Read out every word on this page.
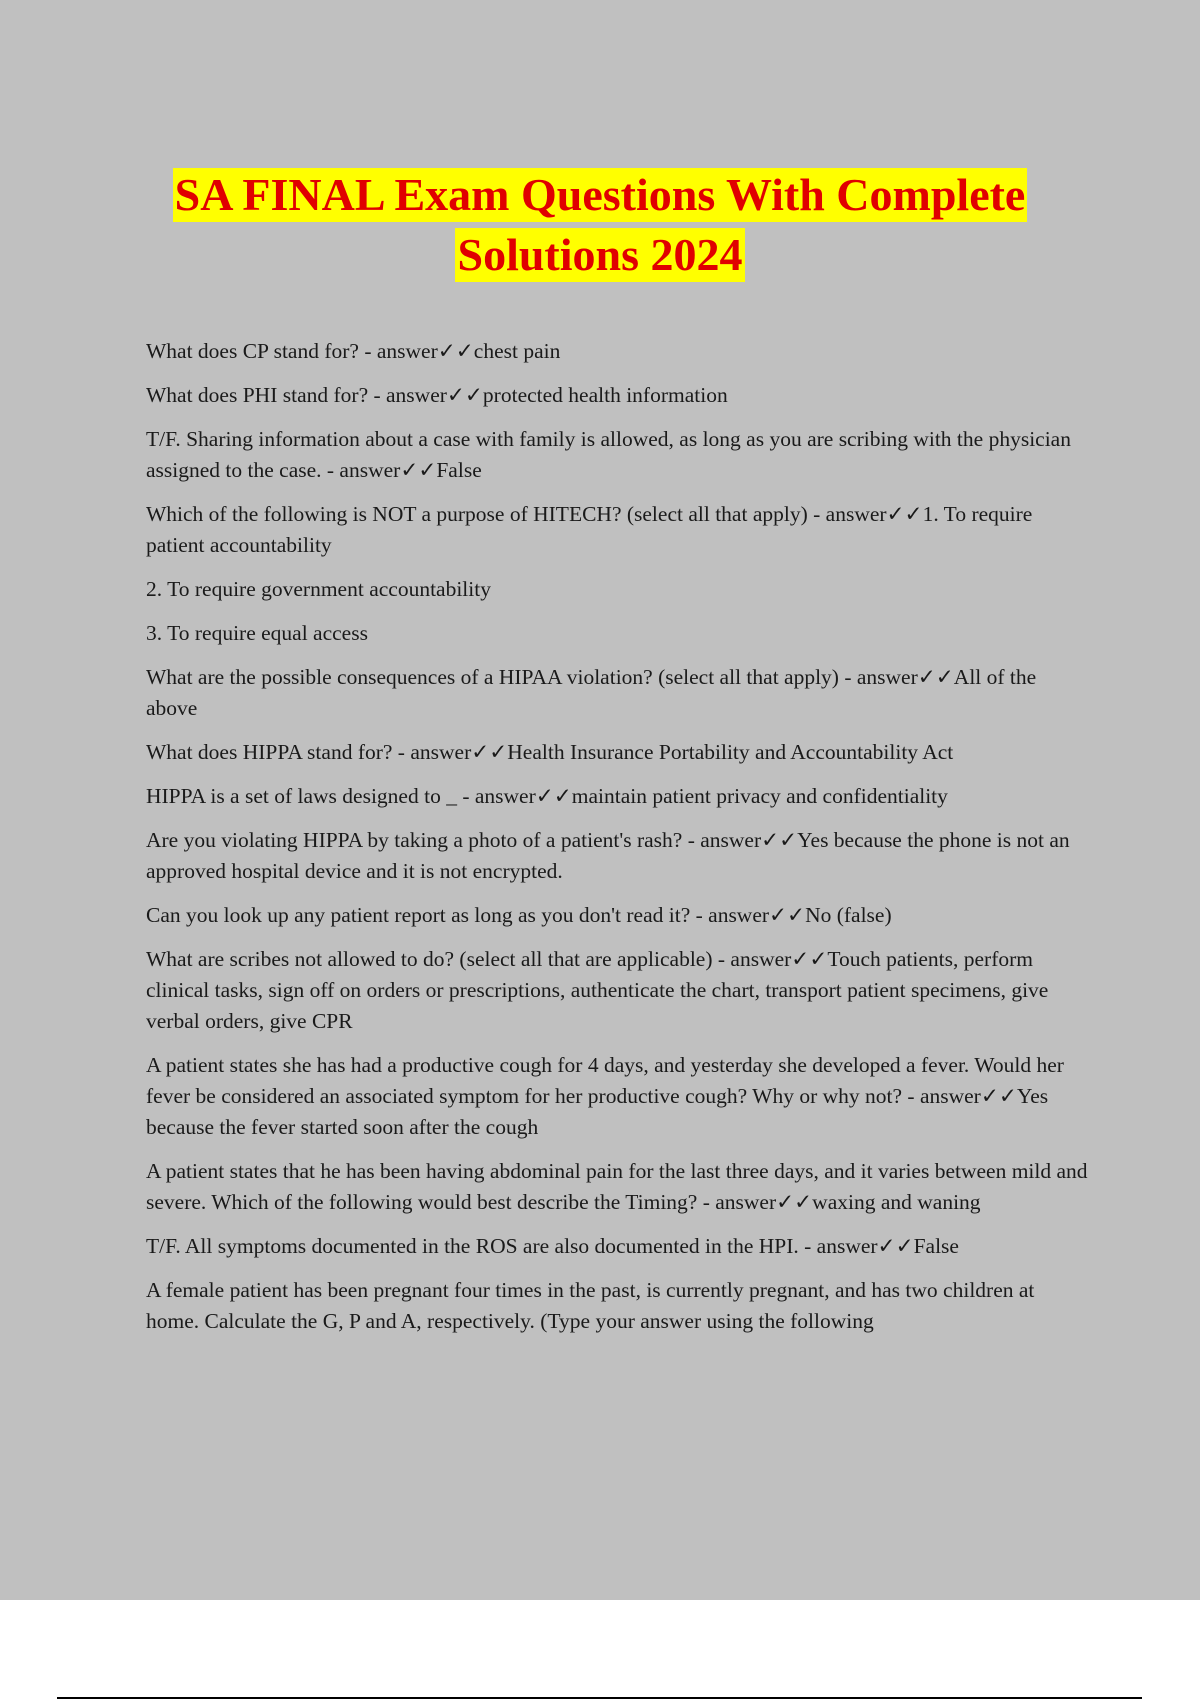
SA FINAL Exam Questions With Complete
Solutions 2024

What does CP stand for? - answer✓✓chest pain

What does PHI stand for? - answer✓✓protected health information

T/F. Sharing information about a case with family is allowed, as long as you are scribing with the physician assigned to the case. - answer✓✓False

Which of the following is NOT a purpose of HITECH? (select all that apply) - answer✓✓1. To require patient accountability

2. To require government accountability

3. To require equal access

What are the possible consequences of a HIPAA violation? (select all that apply) - answer✓✓All of the above

What does HIPPA stand for? - answer✓✓Health Insurance Portability and Accountability Act

HIPPA is a set of laws designed to _ - answer✓✓maintain patient privacy and confidentiality

Are you violating HIPPA by taking a photo of a patient's rash? - answer✓✓Yes because the phone is not an approved hospital device and it is not encrypted.

Can you look up any patient report as long as you don't read it? - answer✓✓No (false)

What are scribes not allowed to do? (select all that are applicable) - answer✓✓Touch patients, perform clinical tasks, sign off on orders or prescriptions, authenticate the chart, transport patient specimens, give verbal orders, give CPR

A patient states she has had a productive cough for 4 days, and yesterday she developed a fever. Would her fever be considered an associated symptom for her productive cough? Why or why not? - answer✓✓Yes because the fever started soon after the cough

A patient states that he has been having abdominal pain for the last three days, and it varies between mild and severe. Which of the following would best describe the Timing? - answer✓✓waxing and waning

T/F. All symptoms documented in the ROS are also documented in the HPI. - answer✓✓False

A female patient has been pregnant four times in the past, is currently pregnant, and has two children at home. Calculate the G, P and A, respectively. (Type your answer using the following
